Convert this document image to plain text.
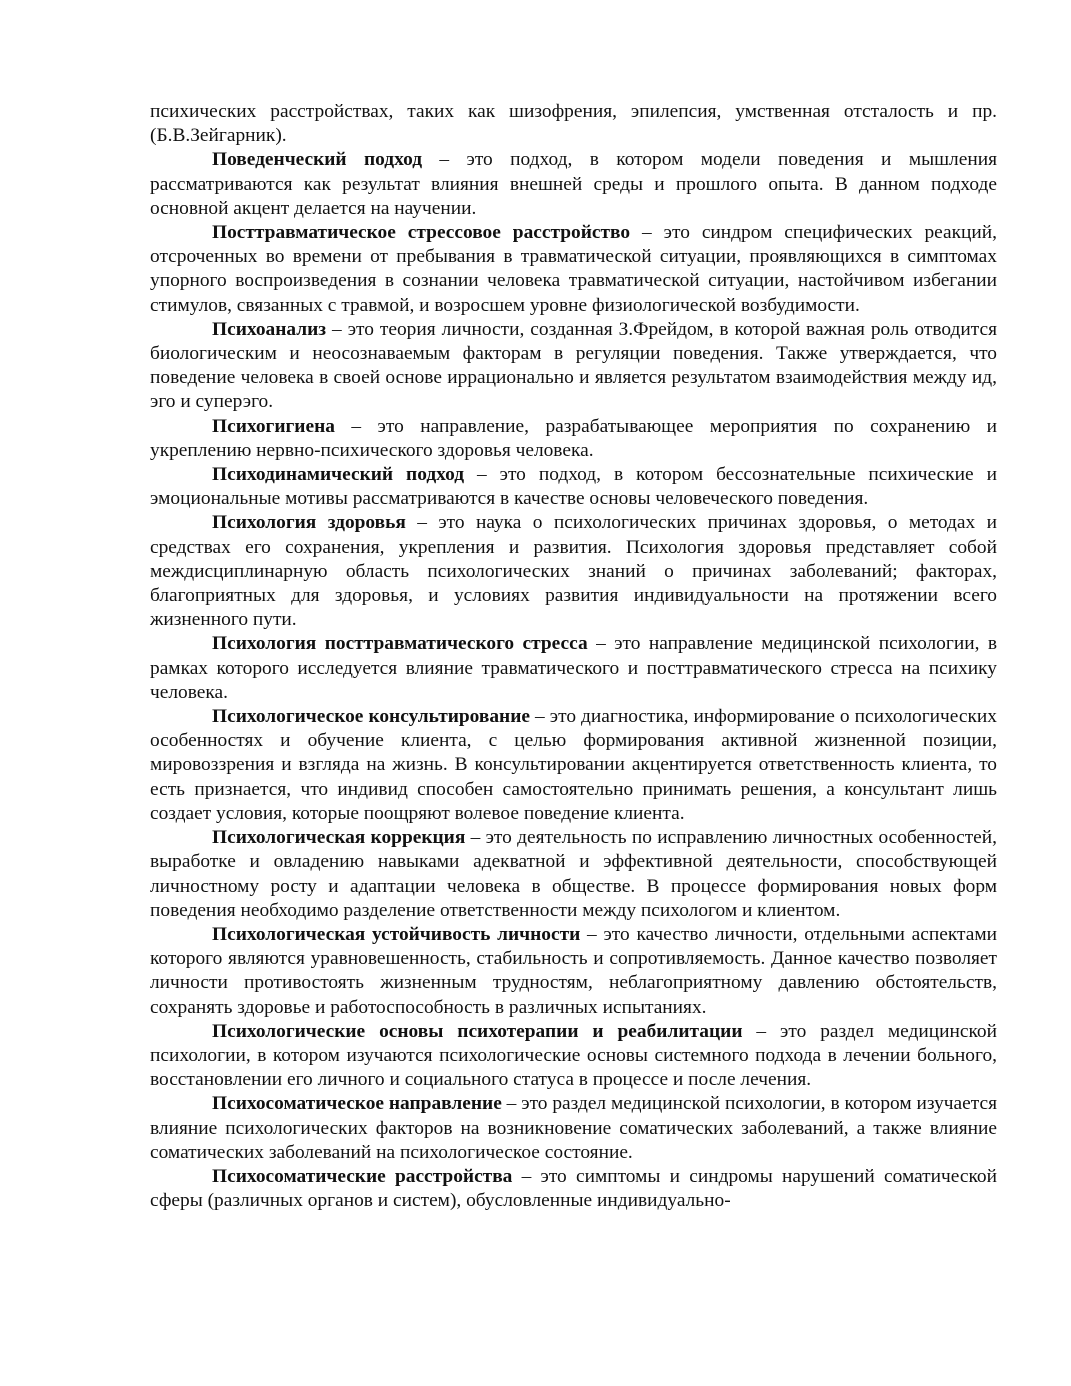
психических расстройствах, таких как шизофрения, эпилепсия, умственная отсталость и пр. (Б.В.Зейгарник).

Поведенческий подход – это подход, в котором модели поведения и мышления рассматриваются как результат влияния внешней среды и прошлого опыта. В данном подходе основной акцент делается на научении.

Посттравматическое стрессовое расстройство – это синдром специфических реакций, отсроченных во времени от пребывания в травматической ситуации, проявляющихся в симптомах упорного воспроизведения в сознании человека травматической ситуации, настойчивом избегании стимулов, связанных с травмой, и возросшем уровне физиологической возбудимости.

Психоанализ – это теория личности, созданная З.Фрейдом, в которой важная роль отводится биологическим и неосознаваемым факторам в регуляции поведения. Также утверждается, что поведение человека в своей основе иррационально и является результатом взаимодействия между ид, эго и суперэго.

Психогигиена – это направление, разрабатывающее мероприятия по сохранению и укреплению нервно-психического здоровья человека.

Психодинамический подход – это подход, в котором бессознательные психические и эмоциональные мотивы рассматриваются в качестве основы человеческого поведения.

Психология здоровья – это наука о психологических причинах здоровья, о методах и средствах его сохранения, укрепления и развития. Психология здоровья представляет собой междисциплинарную область психологических знаний о причинах заболеваний; факторах, благоприятных для здоровья, и условиях развития индивидуальности на протяжении всего жизненного пути.

Психология посттравматического стресса – это направление медицинской психологии, в рамках которого исследуется влияние травматического и посттравматического стресса на психику человека.

Психологическое консультирование – это диагностика, информирование о психологических особенностях и обучение клиента, с целью формирования активной жизненной позиции, мировоззрения и взгляда на жизнь. В консультировании акцентируется ответственность клиента, то есть признается, что индивид способен самостоятельно принимать решения, а консультант лишь создает условия, которые поощряют волевое поведение клиента.

Психологическая коррекция – это деятельность по исправлению личностных особенностей, выработке и овладению навыками адекватной и эффективной деятельности, способствующей личностному росту и адаптации человека в обществе. В процессе формирования новых форм поведения необходимо разделение ответственности между психологом и клиентом.

Психологическая устойчивость личности – это качество личности, отдельными аспектами которого являются уравновешенность, стабильность и сопротивляемость. Данное качество позволяет личности противостоять жизненным трудностям, неблагоприятному давлению обстоятельств, сохранять здоровье и работоспособность в различных испытаниях.

Психологические основы психотерапии и реабилитации – это раздел медицинской психологии, в котором изучаются психологические основы системного подхода в лечении больного, восстановлении его личного и социального статуса в процессе и после лечения.

Психосоматическое направление – это раздел медицинской психологии, в котором изучается влияние психологических факторов на возникновение соматических заболеваний, а также влияние соматических заболеваний на психологическое состояние.

Психосоматические расстройства – это симптомы и синдромы нарушений соматической сферы (различных органов и систем), обусловленные индивидуально-
